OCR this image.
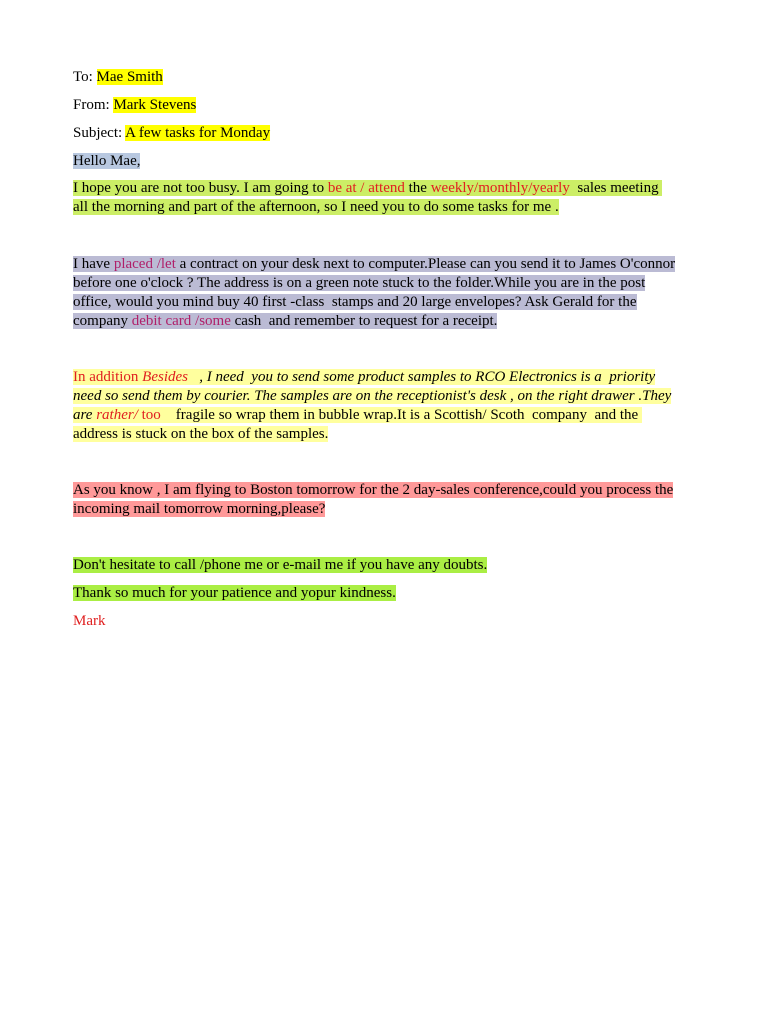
To: Mae Smith

From: Mark Stevens

Subject: A few tasks for Monday

Hello Mae,

I hope you are not too busy. I am going to be at / attend the weekly/monthly/yearly  sales meeting
all the morning and part of the afternoon, so I need you to do some tasks for me .
I have placed /let a contract on your desk next to computer.Please can you send it to James O'connor
before one o'clock ? The address is on a green note stuck to the folder.While you are in the post
office, would you mind buy 40 first -class  stamps and 20 large envelopes? Ask Gerald for the
company debit card /some cash  and remember to request for a receipt.
In addition Besides   , I need  you to send some product samples to RCO Electronics is a  priority
need so send them by courier. The samples are on the receptionist's desk , on the right drawer .They
are rather/ too    fragile so wrap them in bubble wrap.It is a Scottish/ Scoth  company  and the
address is stuck on the box of the samples.
As you know , I am flying to Boston tomorrow for the 2 day-sales conference,could you process the
incoming mail tomorrow morning,please?

Don't hesitate to call /phone me or e-mail me if you have any doubts.

Thank so much for your patience and yopur kindness.

Mark
